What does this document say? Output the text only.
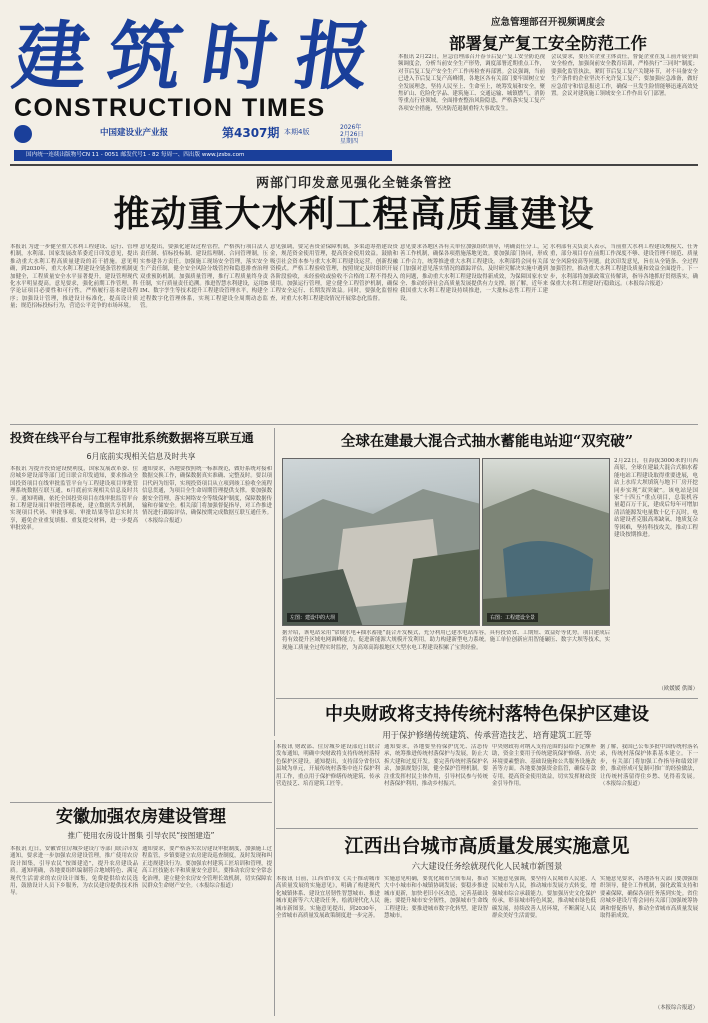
建 筑 时 报
CONSTRUCTION TIMES
中国建设业产业报	第4307期 本期4版
2026年
2月26日
星期四
国内统一连续出版物号CN 11 - 0051 邮发代号1 - 82 每周一、四出版 www.jzsbs.com
应急管理部召开视频调度会
部署复产复工安全防范工作
本报讯 2月22日，应急管理部召开春节后复产复工安全防范视频调度会，分析当前安全生产形势，调度部署近期重点工作，对节后复工复产安全生产工作再检查再部署。会议强调，当前已进入节后复工复产高峰期，各地区各有关部门要牢固树立安全发展理念，坚持人民至上、生命至上，统筹发展和安全，聚焦矿山、危险化学品、建筑施工、交通运输、城镇燃气、消防等重点行业领域，全面排查整治风险隐患，严格落实复工复产各项安全措施，坚决防范遏制重特大事故发生。
会议要求，要压实企业主体责任，督促企业在复工前开展全面安全检查，加强岗前安全教育培训，严格执行“三同时”制度；要强化监管执法，紧盯节后复工复产关键环节，对不具备安全生产条件的企业坚决不允许复工复产；要加强应急准备，做好应急值守和信息报送工作，确保一旦发生险情能够迅速高效处置。会议对建筑施工领域安全工作作出专门部署。
两部门印发意见强化全链条管控
推动重大水利工程高质量建设
本报讯 为进一步健全重大水利工程建设、运行、管理机制，水利部、国家发展改革委近日印发意见，提出推动重大水利工程高质量建设的若干措施。意见明确，到2030年，重大水利工程建设全链条管控机制更加健全，工程质量安全水平显著提升，建设管理现代化水平明显提高。意见要求，强化前期工作管理，科学论证项目必要性和可行性，严格履行基本建设程序；加强设计管理，推进设计标准化，提高设计质量；规范招标投标行为，营造公平竞争的市场环境。
意见提出，要强化建设过程管控，严格执行项目法人责任制、招标投标制、建设监理制、合同管理制，压实参建各方责任。加强施工现场安全管理，落实安全生产责任制，健全安全风险分级管控和隐患排查治理双重预防机制。加强质量管理，推行工程质量终身责任制，实行质量责任追溯。推进智慧水利建设，运用BIM、数字孪生等技术提升工程建设管理水平，构建全过程数字化管理体系，实现工程建设全周期动态监管。
意见强调，要完善资金保障机制，多渠道筹措建设资金，规范资金使用管理，提高资金使用效益。鼓励和吸引社会资本参与重大水利工程建设运营，创新投融资模式。严格工程验收管理，按照规定及时组织开展各阶段验收，未经验收或验收不合格的工程不得投入使用。加强运行管理，建立健全工程管护机制，确保工程安全运行、长期发挥效益。同时，要强化监督检查，对重大水利工程建设情况开展常态化监督。
意见要求各地区各有关单位加强组织领导，明确责任分工，完善工作机制，确保各项措施落地见效。要加强部门协同，形成工作合力，统筹推进重大水利工程建设。水利部将会同有关部门加强对意见落实情况的跟踪评估，及时研究解决实施中遇到的问题，推动重大水利工程建设取得新成效，为保障国家水安全、推动经济社会高质量发展提供有力支撑。据了解，近年来我国重大水利工程建设持续推进，一大批标志性工程开工建设。
水利部有关负责人表示，当前重大水利工程建设规模大、任务重，部分项目存在前期工作深度不够、建设管理不规范、质量安全风险较高等问题。此次印发意见，旨在从全链条、全过程加强管控，推动重大水利工程建设质量和效益全面提升。下一步，水利部将加强政策宣传解读，指导各地抓好贯彻落实，确保重大水利工程建设行稳致远。（本报综合报道）
投资在线平台与工程审批系统数据将互联互通
6月底前实现相关信息及时共享
本报讯 为提升投资建设便利度，国家发展改革委、住房城乡建设部等部门近日联合印发通知，要求推动全国投资项目在线审批监管平台与工程建设项目审批管理系统数据互联互通，6月底前实现相关信息及时共享。通知明确，依托全国投资项目在线审批监管平台和工程建设项目审批管理系统，建立数据共享机制，实现项目代码、审批事项、审批结果等信息实时共享，避免企业重复填报、重复提交材料，进一步提高审批效率。
通知要求，各地要按照统一标准规范，做好系统对接和数据交换工作，确保数据真实准确、完整及时。要以项目代码为纽带，实现投资项目从立项到竣工验收全流程信息贯通，为项目全生命周期管理提供支撑。要加强数据安全管理，落实网络安全等级保护制度，保障数据传输和存储安全。相关部门将加强督促指导，对工作推进情况进行跟踪评估，确保按期完成数据互联互通任务。（本报综合报道）
全球在建最大混合式抽水蓄能电站迎“双究破”
左图：建设中的大坝	右图：工程建设全景
2月22日，在海拔3000米的川西高原，全球在建最大混合式抽水蓄能电站工程建设取得重要进展，电站上水库大坝填筑与地下厂房开挖同步实现“双突破”。该电站是国家“十四五”重点项目，总装机容量超百万千瓦，建成后每年可增加清洁能源发电量数十亿千瓦时。电站建设者克服高寒缺氧、地质复杂等困难，坚持科技攻关，推动工程建设按期推进。
（欧媛媛 供图）
据介绍，该电站采用“常规水电+抽水蓄能”混合开发模式，充分利用已建水电站库容，具有投资省、工期短、效益好等优势。项目建成后将有效提升区域电网调峰能力，促进新能源大规模开发利用，助力构建新型电力系统。施工单位创新应用智能碾压、数字大坝等技术，实现施工质量全过程实时监控，为高寒高海拔地区大型水电工程建设积累了宝贵经验。
中央财政将支持传统村落特色保护区建设
用于保护修缮传统建筑、传承营造技艺、培育建筑工匠等
本报讯 财政部、住房城乡建设部近日联合发布通知，明确中央财政将支持传统村落特色保护区建设。通知提出，支持部分省份以县域为单元，开展传统村落集中连片保护利用工作，重点用于保护修缮传统建筑、传承营造技艺、培育建筑工匠等。
通知要求，各地要坚持保护优先、活态传承，统筹推进传统村落保护与发展，防止大拆大建和过度开发。要完善传统村落保护名录，加强规划引领，健全保护管理机制。要注重发挥村民主体作用，引导村民参与传统村落保护利用，推动乡村振兴。
中央财政将对纳入支持范围的县给予定额补助，资金主要用于传统建筑保护修缮、历史环境要素整治、基础设施和公共服务设施改善等方面。各地要加强资金监管，确保专款专用，提高资金使用效益，切实发挥财政资金引导作用。
据了解，我国已公布多批中国传统村落名录，传统村落保护体系基本建立。下一步，有关部门将加强工作指导和绩效评价，推动形成可复制可推广的经验做法，让传统村落留得住乡愁、见得着发展。（本报综合报道）
安徽加强农房建设管理
推广使用农房设计图集 引导农民“按图建造”
本报讯 近日，安徽省住房城乡建设厅等部门联合印发通知，要求进一步加强农房建设管理，推广使用农房设计图集，引导农民“按图建造”，提升农房建设品质。通知明确，各地要组织编制符合地域特色、满足现代生活需求的农房设计图集，免费提供给农民选用，鼓励设计人员下乡服务，为农民建房提供技术指导。
通知要求，要严格落实农房建设审批制度，加强施工过程监管，乡镇要建立农房建设巡查制度，及时发现和纠正违规建设行为。要加强农村建筑工匠培训和管理，提高工匠技能水平和质量安全意识。要推动农房安全常态化治理，建立健全农房安全管理长效机制，切实保障农民群众生命财产安全。（本报综合报道）
江西出台城市高质量发展实施意见
六大建设任务绘就现代化人民城市新图景
本报讯 日前，江西省印发《关于推动城市高质量发展的实施意见》，明确了构建现代化城镇体系、建设宜居韧性智慧城市、推进城市更新等六大建设任务，绘就现代化人民城市新图景。实施意见提出，到2030年，全省城市高质量发展政策制度进一步完善。
实施意见明确，要优化城市空间布局，推动大中小城市和小城镇协调发展；要稳步推进城市更新，加快老旧小区改造，完善基础设施；要提升城市安全韧性，加强城市生命线工程建设；要推进城市数字化转型，建设智慧城市。
实施意见强调，要坚持人民城市人民建、人民城市为人民，推动城市发展方式转变，增强城市综合承载能力。要加强历史文化保护传承，彰显城市特色风貌，推动城市绿色低碳发展，持续改善人居环境，不断满足人民群众美好生活需要。
实施意见要求，各地各有关部门要加强组织领导，健全工作机制，强化政策支持和要素保障，确保各项任务落到实处。省住房城乡建设厅将会同有关部门加强统筹协调和督促指导，推动全省城市高质量发展取得新成效。
（本报综合报道）
